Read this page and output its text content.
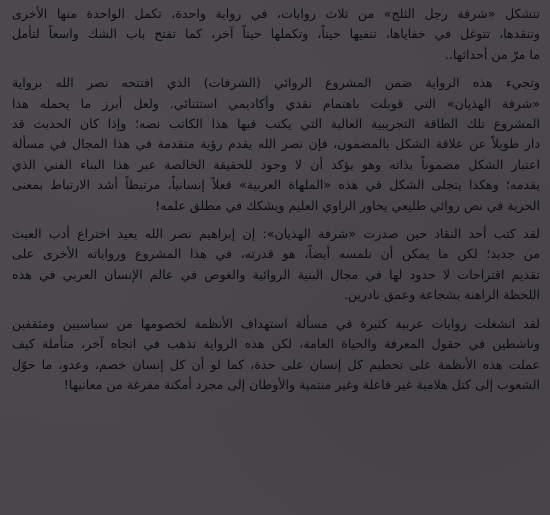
تتشكل «شرفة رجل الثلج» من ثلاث روايات، في رواية واحدة، تكمل الواحدة منها الأخرى
وتنقدها، تتوغل في خفاياها، تنفيها حيناً، وتكملها حيناً آخر، كما تفتح باب الشك واسعاً لتأمل
ما مرّ من أحداثها..

وتجيء هذه الرواية ضمن المشروع الروائي (الشرفات) الذي افتتحه نصر الله برواية
«شرفة الهذيان» التي قوبلت باهتمام نقدي وأكاديمي استثنائي. ولعل أبرز ما يحمله هذا
المشروع تلك الطاقة التجريبية العالية التي يكتب فيها هذا الكاتب نصه؛ وإذا كان الحديث قد
دار طويلاً عن علاقة الشكل بالمضمون، فإن نصر الله يقدم رؤية متقدمة في هذا المجال في مسألة
اعتبار الشكل مضموناً بذاته وهو يؤكد أن لا وجود للحقيقة الخالصة عبر هذا البناء الفني الذي
يقدمه؛ وهكذا يتجلى الشكل في هذه «الملهاة العربية» فعلاً إنسانياً، مرتبطاً أشد الارتباط بمعنى
الحرية في نص روائي طليعي يحاور الراوي العليم ويشكك في مطلق علمه!

لقد كتب أحد النقاد حين صدرت «شرفة الهذيان»: إن إبراهيم نصر الله يعيد اختراع أدب العبث
من جديد؛ لكن ما يمكن أن نلمسه أيضاً، هو قدرته، في هذا المشروع ورواياته الأخرى على
تقديم اقتراحات لا حدود لها في مجال البنية الروائية والغوص في عالم الإنسان العربي في هذه
اللحظة الراهنة بشجاعة وعمق نادرين.

لقد انشغلت روايات عربية كثيرة في مسألة استهداف الأنظمة لخصومها من سياسيين ومثقفين
وناشطين في حقول المعرفة والحياة العامة، لكن هذه الرواية تذهب في اتجاه آخر، متأملة كيف
عملت هذه الأنظمة على تحطيم كل إنسان على حدة، كما لو أن كل إنسان خصم، وعدو، ما حوّل
الشعوب إلى كتل هلامية غير فاعلة وغير منتمية والأوطان إلى مجرد أمكنة مفرغة من معانيها!
